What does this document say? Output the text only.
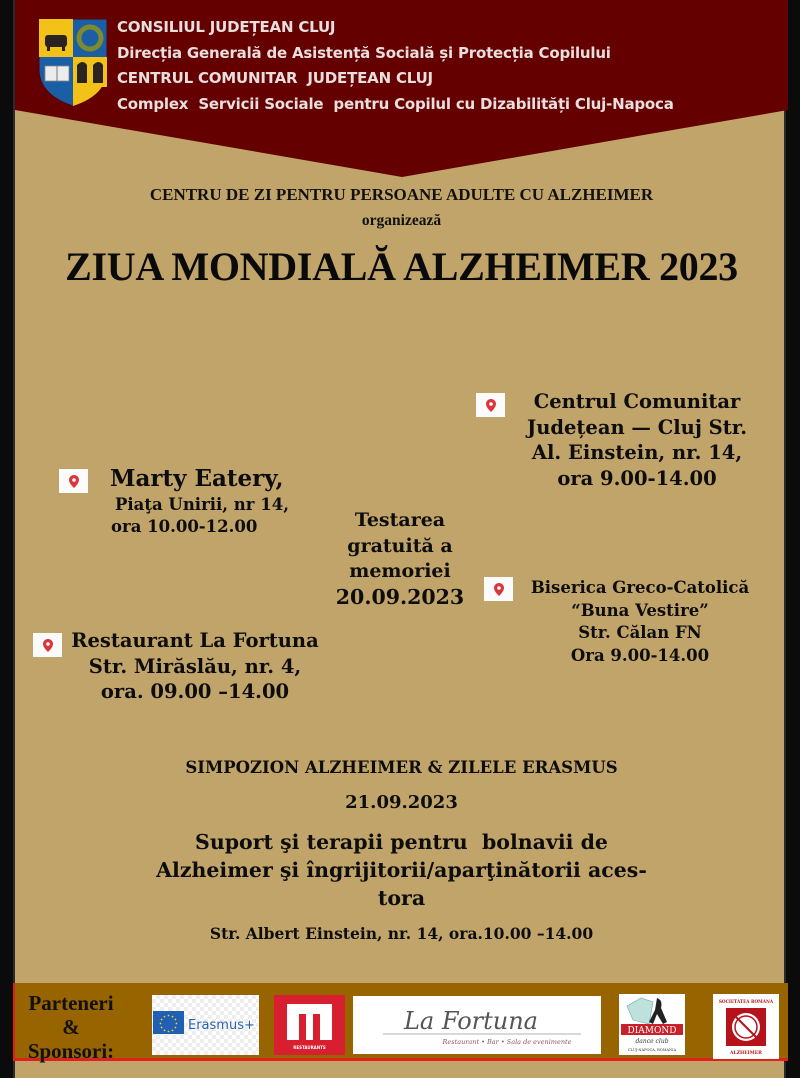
CONSILIUL JUDEȚEAN CLUJ
Direcția Generală de Asistență Socială și Protecția Copilului
CENTRUL COMUNITAR  JUDEȚEAN CLUJ
Complex  Servicii Sociale  pentru Copilul cu Dizabilități Cluj-Napoca
CENTRU DE ZI PENTRU PERSOANE ADULTE CU ALZHEIMER
organizează
ZIUA MONDIALĂ ALZHEIMER 2023
Centrul Comunitar
Județean — Cluj Str.
Al. Einstein, nr. 14,
ora 9.00-14.00
Marty Eatery,
Piaţa Unirii, nr 14,
ora 10.00-12.00	Testarea
gratuită a
memoriei
20.09.2023	Biserica Greco-Catolică
“Buna Vestire”
Str. Călan FN
Ora 9.00-14.00
Restaurant La Fortuna
Str. Mirăslău, nr. 4,
ora. 09.00 –14.00
SIMPOZION ALZHEIMER & ZILELE ERASMUS
21.09.2023
Suport şi terapii pentru  bolnavii de
Alzheimer şi îngrijitorii/aparţinătorii aces-
tora
Str. Albert Einstein, nr. 14, ora.10.00 –14.00
Parteneri
&
Sponsori:
Erasmus+
RESTAURANTS
La Fortuna
Restaurant • Bar • Sala de evenimente
DIAMOND
dance club
CLUJ-NAPOCA, ROMANIA
SOCIETATEA ROMANA
ALZHEIMER
